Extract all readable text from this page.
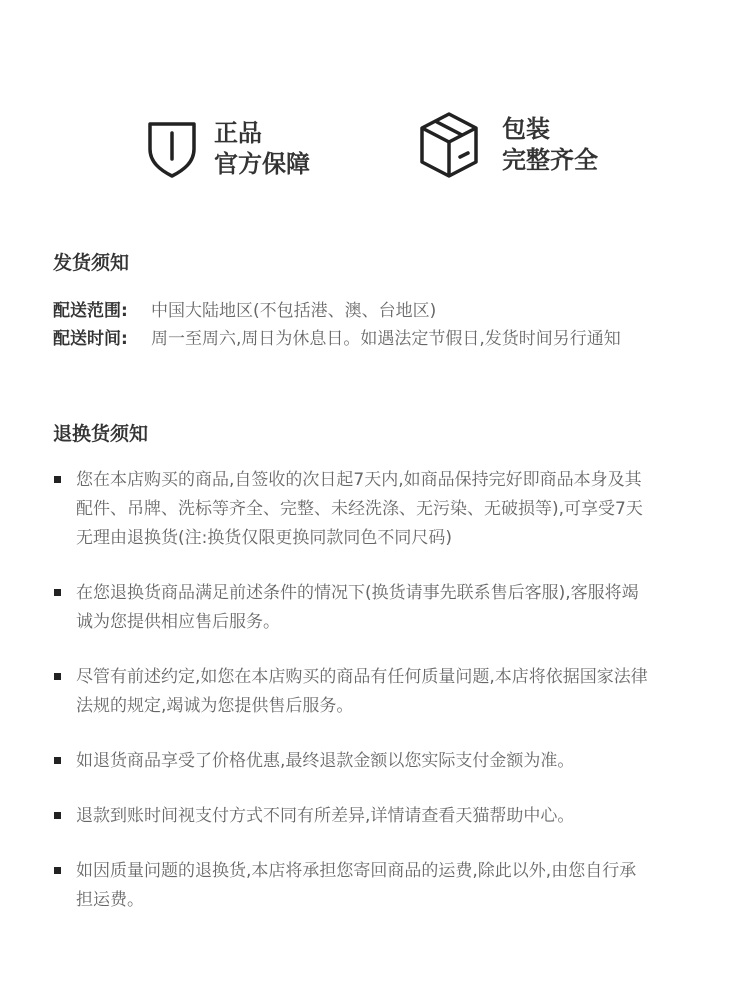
正品
官方保障
包装
完整齐全
发货须知
配送范围: 中国大陆地区(不包括港、澳、台地区)
配送时间: 周一至周六,周日为休息日。如遇法定节假日,发货时间另行通知
退换货须知
您在本店购买的商品,自签收的次日起7天内,如商品保持完好即商品本身及其配件、吊牌、洗标等齐全、完整、未经洗涤、无污染、无破损等),可享受7天无理由退换货(注:换货仅限更换同款同色不同尺码)
在您退换货商品满足前述条件的情况下(换货请事先联系售后客服),客服将竭诚为您提供相应售后服务。
尽管有前述约定,如您在本店购买的商品有任何质量问题,本店将依据国家法律法规的规定,竭诚为您提供售后服务。
如退货商品享受了价格优惠,最终退款金额以您实际支付金额为准。
退款到账时间视支付方式不同有所差异,详情请查看天猫帮助中心。
如因质量问题的退换货,本店将承担您寄回商品的运费,除此以外,由您自行承担运费。
